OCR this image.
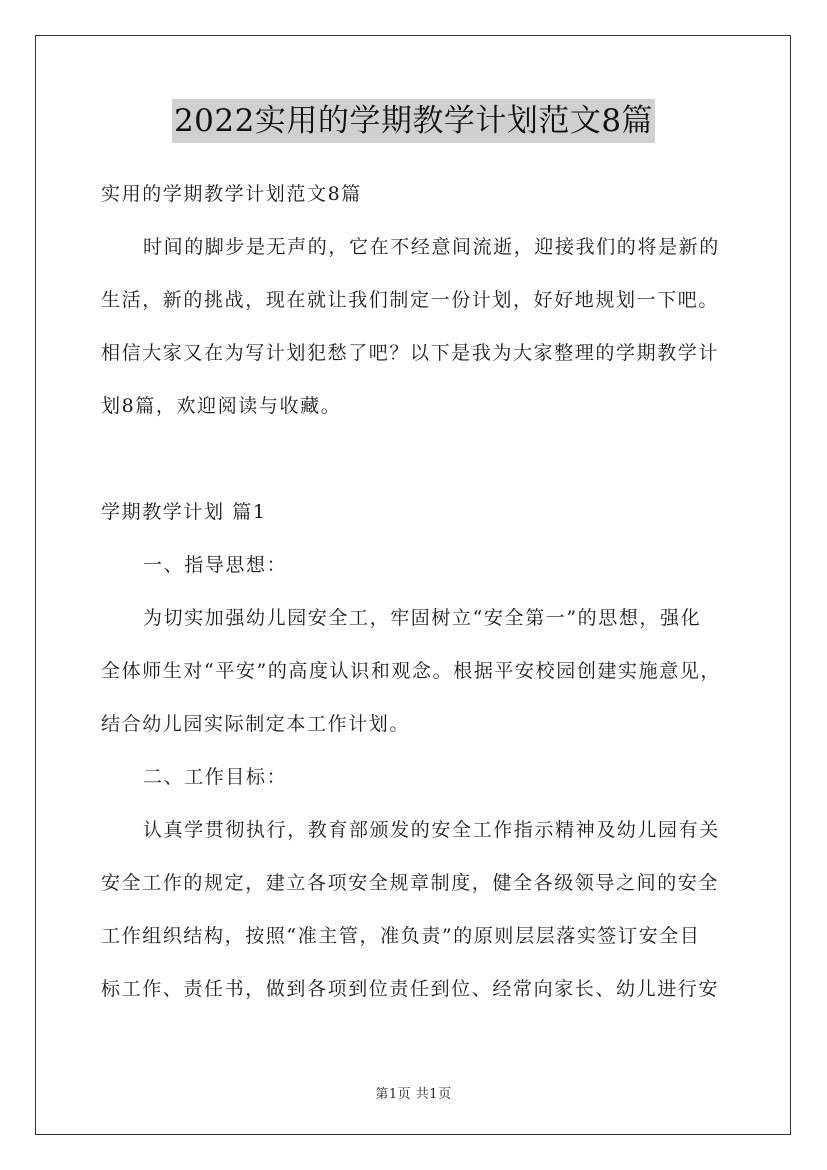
2022实用的学期教学计划范文8篇
实用的学期教学计划范文8篇
时间的脚步是无声的，它在不经意间流逝，迎接我们的将是新的
生活，新的挑战，现在就让我们制定一份计划，好好地规划一下吧。
相信大家又在为写计划犯愁了吧？以下是我为大家整理的学期教学计
划8篇，欢迎阅读与收藏。
学期教学计划 篇1
一、指导思想：
为切实加强幼儿园安全工，牢固树立“安全第一”的思想，强化
全体师生对“平安”的高度认识和观念。根据平安校园创建实施意见，
结合幼儿园实际制定本工作计划。
二、工作目标：
认真学贯彻执行，教育部颁发的安全工作指示精神及幼儿园有关
安全工作的规定，建立各项安全规章制度，健全各级领导之间的安全
工作组织结构，按照“准主管，准负责”的原则层层落实签订安全目
标工作、责任书，做到各项到位责任到位、经常向家长、幼儿进行安
第1页 共1页
